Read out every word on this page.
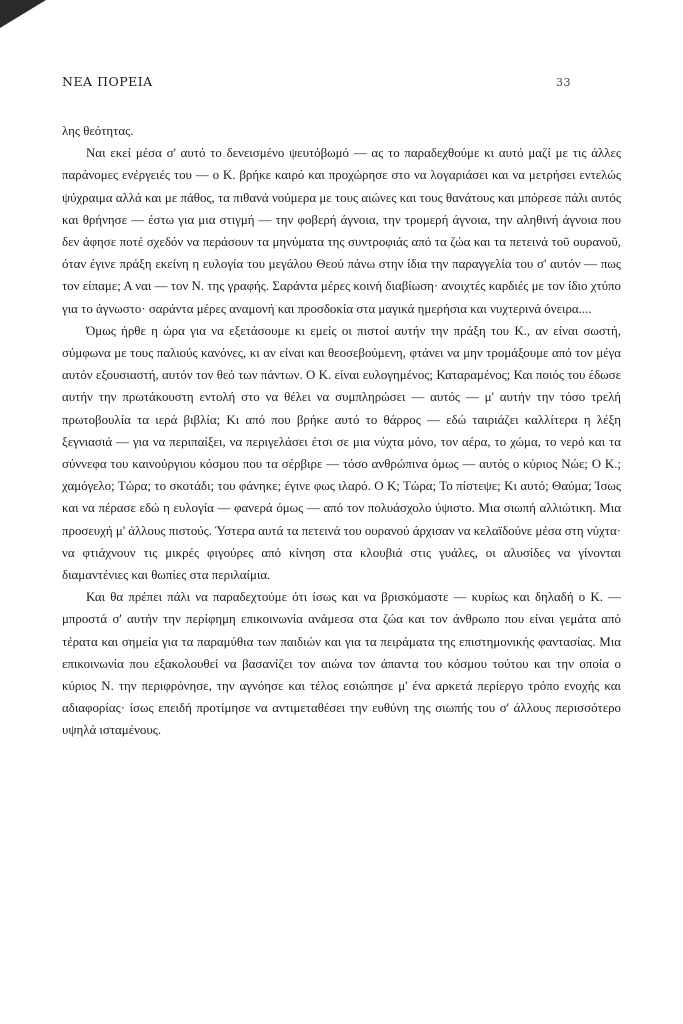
ΝΕΑ ΠΟΡΕΙΑ	33

λης θεότητας.

Ναι εκεί μέσα σ' αυτό το δενεισμένο ψευτόβωμό — ας το παραδεχθούμε κι αυτό μαζί με τις άλλες παράνομες ενέργειές του — ο Κ. βρήκε καιρό και προχώρησε στο να λογαριάσει και να μετρήσει εντελώς ψύχραιμα αλλά και με πάθος, τα πιθανά νούμερα με τους αιώνες και τους θανάτους και μπόρεσε πάλι αυτός και θρήνησε — έστω για μια στιγμή — την φοβερή άγνοια, την τρομερή άγνοια, την αληθινή άγνοια που δεν άφησε ποτέ σχεδόν να περάσουν τα μηνύματα της συντροφιάς από τα ζώα και τα πετεινά τοῦ ουρανοῦ, όταν έγινε πράξη εκείνη η ευλογία του μεγάλου Θεού πάνω στην ίδια την παραγγελία του σ' αυτόν — πως τον είπαμε; Α ναι — τον Ν. της γραφής. Σαράντα μέρες κοινή διαβίωση· ανοιχτές καρδιές με τον ίδιο χτύπο για το άγνωστο· σαράντα μέρες αναμονή και προσδοκία στα μαγικά ημερήσια και νυχτερινά όνειρα....

Όμως ήρθε η ώρα για να εξετάσουμε κι εμείς οι πιστοί αυτήν την πράξη του Κ., αν είναι σωστή, σύμφωνα με τους παλιούς κανόνες, κι αν είναι και θεοσεβούμενη, φτάνει να μην τρομάξουμε από τον μέγα αυτόν εξουσιαστή, αυτόν τον θεό των πάντων. Ο Κ. είναι ευλογημένος; Καταραμένος; Και ποιός του έδωσε αυτήν την πρωτάκουστη εντολή στο να θέλει να συμπληρώσει — αυτός — μ' αυτήν την τόσο τρελή πρωτοβουλία τα ιερά βιβλία; Κι από που βρήκε αυτό το θάρρος — εδώ ταιριάζει καλλίτερα η λέξη ξεγνιασιά — για να περιπαίξει, να περιγελάσει έτσι σε μια νύχτα μόνο, τον αέρα, το χώμα, το νερό και τα σύννεφα του καινούργιου κόσμου που τα σέρβιρε — τόσο ανθρώπινα όμως — αυτός ο κύριος Νώε; Ο Κ.; χαμόγελο; Τώρα; το σκοτάδι; του φάνηκε; έγινε φως ιλαρό. Ο Κ; Τώρα; Το πίστεψε; Κι αυτό; Θαύμα; Ίσως και να πέρασε εδώ η ευλογία — φανερά όμως — από τον πολυάσχολο ύψιστο. Μια σιωπή αλλιώτικη. Μια προσευχή μ' άλλους πιστούς. Ύστερα αυτά τα πετεινά του ουρανού άρχισαν να κελαϊδούνε μέσα στη νύχτα· να φτιάχνουν τις μικρές φιγούρες από κίνηση στα κλουβιά στις γυάλες, οι αλυσίδες να γίνονται διαμαντένιες και θωπίες στα περιλαίμια.

Και θα πρέπει πάλι να παραδεχτούμε ότι ίσως και να βρισκόμαστε — κυρίως και δηλαδή ο Κ. — μπροστά σ' αυτήν την περίφημη επικοινωνία ανάμεσα στα ζώα και τον άνθρωπο που είναι γεμάτα από τέρατα και σημεία για τα παραμύθια των παιδιών και για τα πειράματα της επιστημονικής φαντασίας. Μια επικοινωνία που εξακολουθεί να βασανίζει τον αιώνα τον άπαντα του κόσμου τούτου και την οποία ο κύριος Ν. την περιφρόνησε, την αγνόησε και τέλος εσιώπησε μ' ένα αρκετά περίεργο τρόπο ενοχής και αδιαφορίας· ίσως επειδή προτίμησε να αντιμεταθέσει την ευθύνη της σιωπής του σ' άλλους περισσότερο υψηλά ισταμένους.
